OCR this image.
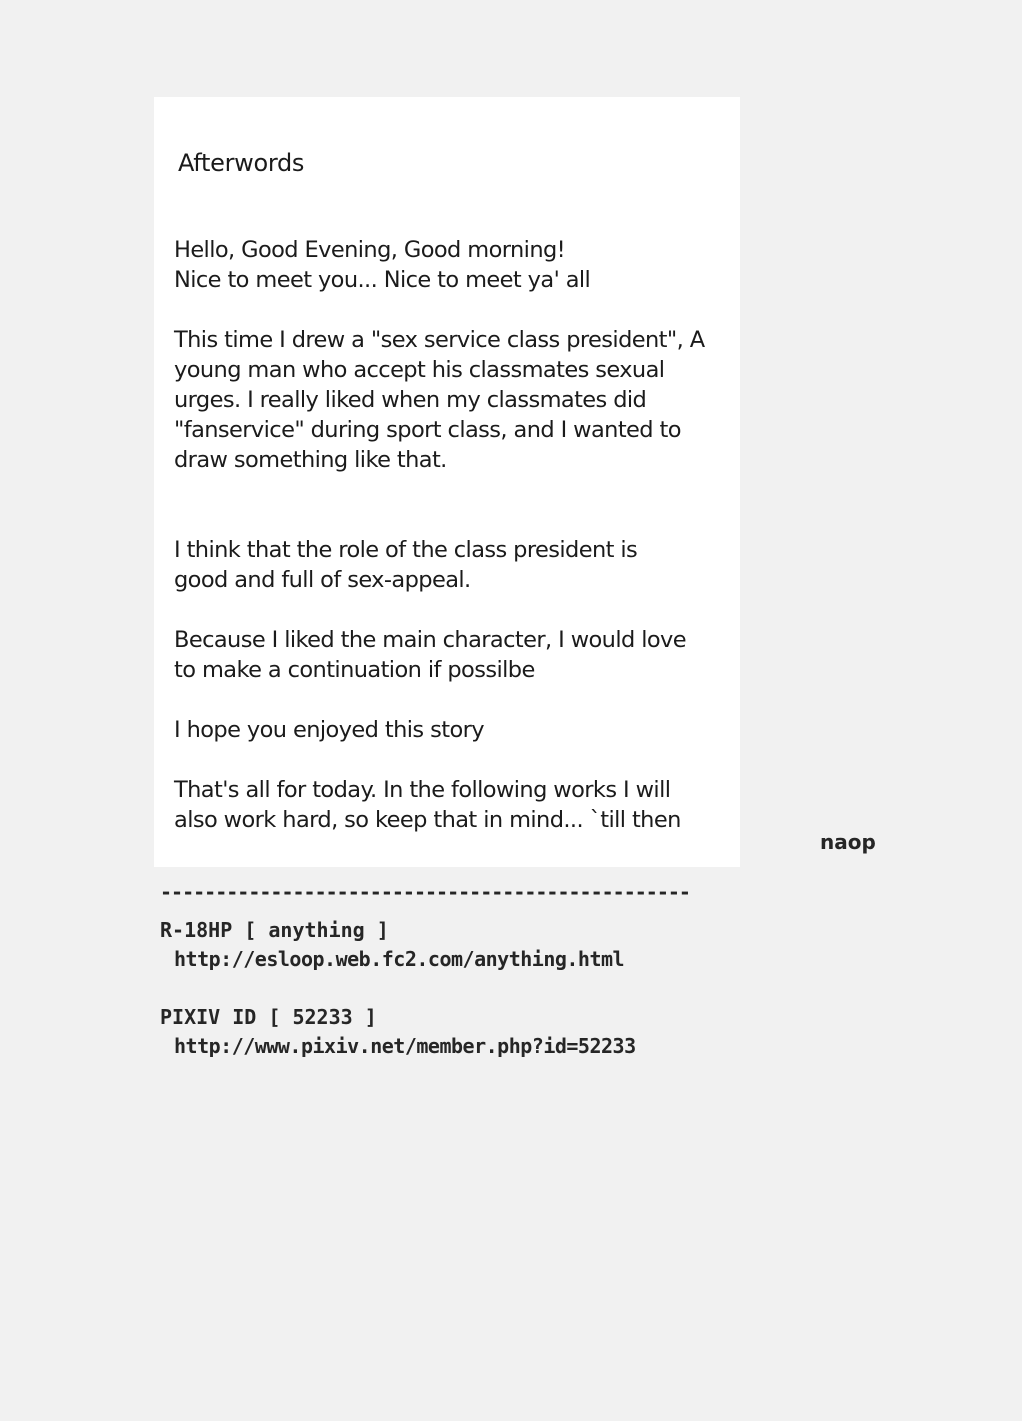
Afterwords

Hello, Good Evening, Good morning!
Nice to meet you... Nice to meet ya' all

This time I drew a "sex service class president", A
young man who accept his classmates sexual
urges. I really liked when my classmates did
"fanservice" during sport class, and I wanted to
draw something like that.

I think that the role of the class president is
good and full of sex-appeal.

Because I liked the main character, I would love
to make a continuation if possilbe

I hope you enjoyed this story

That's all for today. In the following works I will
also work hard, so keep that in mind... `till then

naop

------------------------------------------------

R-18HP [ anything ]

http://esloop.web.fc2.com/anything.html

PIXIV ID [ 52233 ]

http://www.pixiv.net/member.php?id=52233
